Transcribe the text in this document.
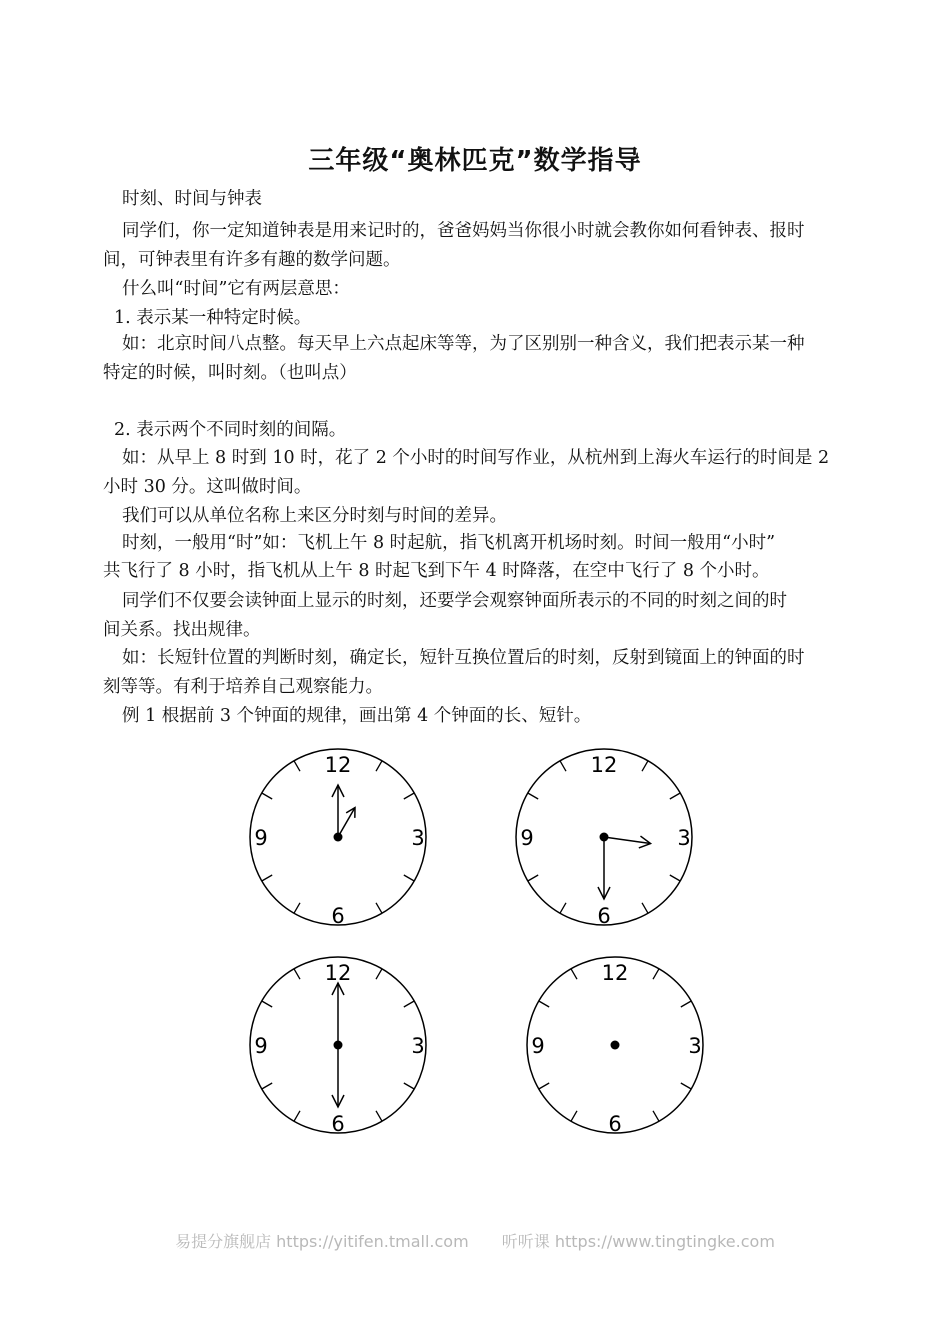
三年级“奥林匹克”数学指导
时刻、时间与钟表
同学们，你一定知道钟表是用来记时的，爸爸妈妈当你很小时就会教你如何看钟表、报时
间，可钟表里有许多有趣的数学问题。
什么叫“时间”它有两层意思：
1. 表示某一种特定时候。
如：北京时间八点整。每天早上六点起床等等，为了区别别一种含义，我们把表示某一种
特定的时候，叫时刻。（也叫点）
2. 表示两个不同时刻的间隔。
如：从早上 8 时到 10 时，花了 2 个小时的时间写作业，从杭州到上海火车运行的时间是 2
小时 30 分。这叫做时间。
我们可以从单位名称上来区分时刻与时间的差异。
时刻，一般用“时”如：飞机上午 8 时起航，指飞机离开机场时刻。时间一般用“小时”
共飞行了 8 小时，指飞机从上午 8 时起飞到下午 4 时降落，在空中飞行了 8 个小时。
同学们不仅要会读钟面上显示的时刻，还要学会观察钟面所表示的不同的时刻之间的时
间关系。找出规律。
如：长短针位置的判断时刻，确定长，短针互换位置后的时刻，反射到镜面上的钟面的时
刻等等。有利于培养自己观察能力。
例 1 根据前 3 个钟面的规律，画出第 4 个钟面的长、短针。
12
3
6
9
12
3
6
9
12
3
6
9
12
3
6
9
易提分旗舰店 https://yitifen.tmall.com 听听课 https://www.tingtingke.com
